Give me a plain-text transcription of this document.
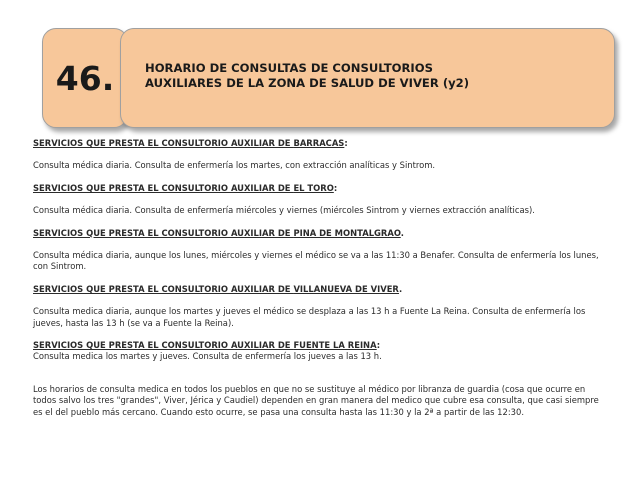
46.	HORARIO DE CONSULTAS DE CONSULTORIOS
AUXILIARES DE LA ZONA DE SALUD DE VIVER (y2)

SERVICIOS QUE PRESTA EL CONSULTORIO AUXILIAR DE BARRACAS:

Consulta médica diaria. Consulta de enfermería los martes, con extracción analíticas y Sintrom.

SERVICIOS QUE PRESTA EL CONSULTORIO AUXILIAR DE EL TORO:

Consulta médica diaria. Consulta de enfermería miércoles y viernes (miércoles Sintrom y viernes extracción analíticas).

SERVICIOS QUE PRESTA EL CONSULTORIO AUXILIAR DE PINA DE MONTALGRAO.

Consulta médica diaria, aunque los lunes, miércoles y viernes el médico se va a las 11:30 a Benafer. Consulta de enfermería los lunes, con Sintrom.

SERVICIOS QUE PRESTA EL CONSULTORIO AUXILIAR DE VILLANUEVA DE VIVER.

Consulta medica diaria, aunque los martes y jueves el médico se desplaza a las 13 h a Fuente La Reina. Consulta de enfermería los jueves, hasta las 13 h (se va a Fuente la Reina).

SERVICIOS QUE PRESTA EL CONSULTORIO AUXILIAR DE FUENTE LA REINA:

Consulta medica los martes y jueves. Consulta de enfermería los jueves a las 13 h.

Los horarios de consulta medica en todos los pueblos en que no se sustituye al médico por libranza de guardia (cosa que ocurre en todos salvo los tres "grandes", Viver, Jérica y Caudiel) dependen en gran manera del medico que cubre esa consulta, que casi siempre es el del pueblo más cercano. Cuando esto ocurre, se pasa una consulta hasta las 11:30 y la 2ª a partir de las 12:30.
